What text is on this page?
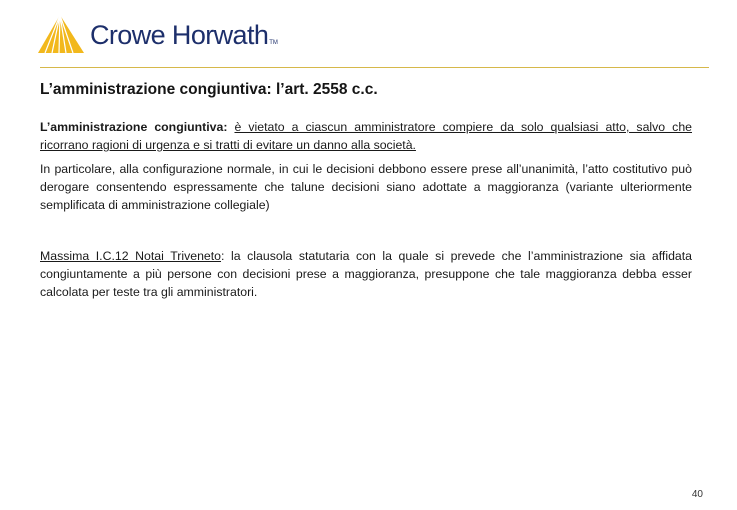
Crowe HorwathTM
L’amministrazione congiuntiva: l’art. 2558 c.c.
L’amministrazione congiuntiva: è vietato a ciascun amministratore compiere da solo qualsiasi atto, salvo che ricorrano ragioni di urgenza e si tratti di evitare un danno alla società.
In particolare, alla configurazione normale, in cui le decisioni debbono essere prese all’unanimità, l’atto costitutivo può derogare consentendo espressamente che talune decisioni siano adottate a maggioranza (variante ulteriormente semplificata di amministrazione collegiale)
Massima I.C.12 Notai Triveneto: la clausola statutaria con la quale si prevede che l’amministrazione sia affidata congiuntamente a più persone con decisioni prese a maggioranza, presuppone che tale maggioranza debba esser calcolata per teste tra gli amministratori.
40
